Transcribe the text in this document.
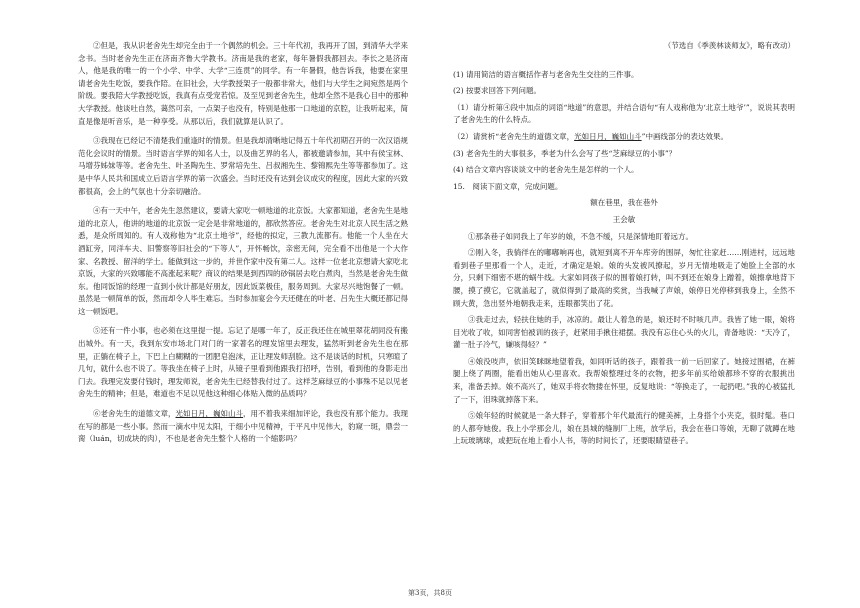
②但是，我从识老舍先生却完全由于一个偶然的机会。三十年代初，我再开了国，到清华大学来念书。当时老舍先生正在济南齐鲁大学教书。济南是我的老家，每年暑假我都回去。李长之是济南人，他是我的唯一的一个小学、中学、大学“三连贯”的同学。有一年暑假，他告诉我，他要在家里请老舍先生吃饭，要我作陪。在旧社会，大学教授架子一般都非常大，他们与大学生之间宛然是两个阶级。要我陪大学教授吃饭，我真有点受宠若惊。及至见到老舍先生，他却全然不是我心目中的那种大学教授。他谈吐自然，蔼然可亲，一点架子也没有，特别是他那一口地道的京腔，让我听起来，简直是像是听音乐，是一种享受。从那以后，我们就算是认识了。

③我现在已经记不清楚我们重逢时的情景。但是我却清晰地记得五十年代初期召开的一次汉语规范化会议时的情景。当时语言学界的知名人士，以及曲艺界的名人，都被邀请参加，其中有侯宝林、马增芬姊妹等等。老舍先生、叶圣陶先生、罗常培先生、吕叔湘先生、黎锦熙先生等等都参加了。这是中华人民共和国成立后语言学界的第一次盛会。当时还没有达到会议成灾的程度，因此大家的兴致都很高，会上的气氛也十分亲切融洽。

④有一天中午，老舍先生忽然建议，要请大家吃一顿地道的北京饭。大家都知道，老舍先生是地道的北京人，他讲的地道的北京饭一定会是非常地道的，都欣然答应。老舍先生对北京人民生活之熟悉，是众所周知的。有人戏称他为“北京土地爷”，经他的拟定，三教九流都有。他能一个人坐在大酒缸旁，同洋车夫、旧警察等旧社会的“下等人”，开怀畅饮，亲密无间，完全看不出他是一个大作家、名教授、留洋的学士。能做到这一步的，并世作家中没有第二人。这样一位老北京想请大家吃北京饭，大家的兴致哪能不高涨起来呢？商议的结果是到西四的砂锅居去吃白煮肉，当然是老舍先生做东。他同饭馆的经理一直到小伙计都是好朋友，因此饭菜极佳，服务周到。大家尽兴地饱餐了一顿。虽然是一顿简单的饭，然而却令人毕生难忘。当时参加宴会今天还健在的叶老、吕先生大概还都记得这一顿饭吧。

⑤还有一件小事，也必须在这里提一提。忘记了是哪一年了，反正我还住在城里翠花胡同没有搬出城外。有一天，我到东安市场北门对门的一家著名的理发馆里去理发，猛然听到老舍先生也在那里，正躺在椅子上，下巴上白糊糊的一团肥皂泡沫，正让理发师刮脸。这不是谈话的时机，只寒暄了几句，就什么也不说了。等我坐在椅子上时，从镜子里看到他跟我打招呼，告别，看到他的身影走出门去。我理完发要付钱时，理发师说，老舍先生已经替我付过了。这样芝麻绿豆的小事殊不足以见老舍先生的精神；但是，难道也不足以见他这种细心体贴入微的品质吗？

⑥老舍先生的道德文章，光如日月，巍如山斗，用不着我来细加评论，我也没有那个能力。我现在写的都是一些小事。然而一滴水中见太阳，于细小中见精神，于平凡中见伟大，豹窥一斑，鼎尝一脔（luán，切成块的肉），不也是老舍先生整个人格的一个缩影吗？

（节选自《季羡林谈师友》，略有改动）

(1) 请用简洁的语言概括作者与老舍先生交往的三件事。

(2) 按要求回答下列问题。

（1）请分析第④段中加点的词语“地道”的意思，并结合语句“有人戏称他为‘北京土地爷’”，说说其表明了老舍先生的什么特点。

（2）请赏析“老舍先生的道德文章，光如日月，巍如山斗”中画线部分的表达效果。

(3) 老舍先生的大事很多，季老为什么会写了些“芝麻绿豆的小事”？

(4) 结合文章内容谈谈文中的老舍先生是怎样的一个人。

15.　阅读下面文章，完成问题。

额在巷里，我在巷外

王会敏

①那条巷子如同我上了年岁的娘，不急不缓，只是深情地盯着远方。

②刚入冬，我徜徉在的嘟嘟响再也，就短到离不开车库旁的围屏，匆忙往家赶……刚进村，远远地看到巷子里那看一个人，走近，才确定是娘。娘的头发被风撩起，岁月无情地吸走了她脸上全部的水分，只剩下细密不堪的蜗牛线。大家如同孩子似的围着娘打转，叫不到还在娘身上蹭着，娘擦拿地背下腰，摸了摸它，它就盖起了，就似得到了最高的奖赏，当我喊了声娘，娘停日光停移到我身上，全然不顾大黄，急出竖外地朝我走来，连眼都笑出了花。

③我走过去，轻扶住她的手，冰凉的。最让人着急的是，娘还时不时咳几声。我皆了她一眼，娘将目光收了收，如同害怕被训的孩子，赶紧用手揪住裙摆。我没有忘住心头的火儿，青备地说：“天冷了，灌一肚子冷气，嫌咳得轻？”

④娘没吱声，依旧笑眯眯地望着我，如同听话的孩子，跟着我一前一后回家了。她接过围裙，在裤腿上绕了两圈，能看出她从心里喜欢。我帮娘整理过冬的衣物，把多年前买给娘都珍不穿的衣服挑出来，准备丢掉。娘不高兴了，她双手将衣物搂在怀里，反复地说：“等换走了，一起扔吧。”我的心被猛扎了一下，泪珠就掉落下来。

⑤娘年轻的时候就是一条大胖子，穿着那个年代最流行的健美裤，上身搭个小夹克，很时髦。巷口的人都夸她俊。我上小学那会儿，娘在县城的缝制厂上班，放学后，我会在巷口等娘，无聊了就蹲在地上玩玻璃球，或把玩在地上看小人书，等的时间长了，还要眼睛望巷子。

第3页，共8页
